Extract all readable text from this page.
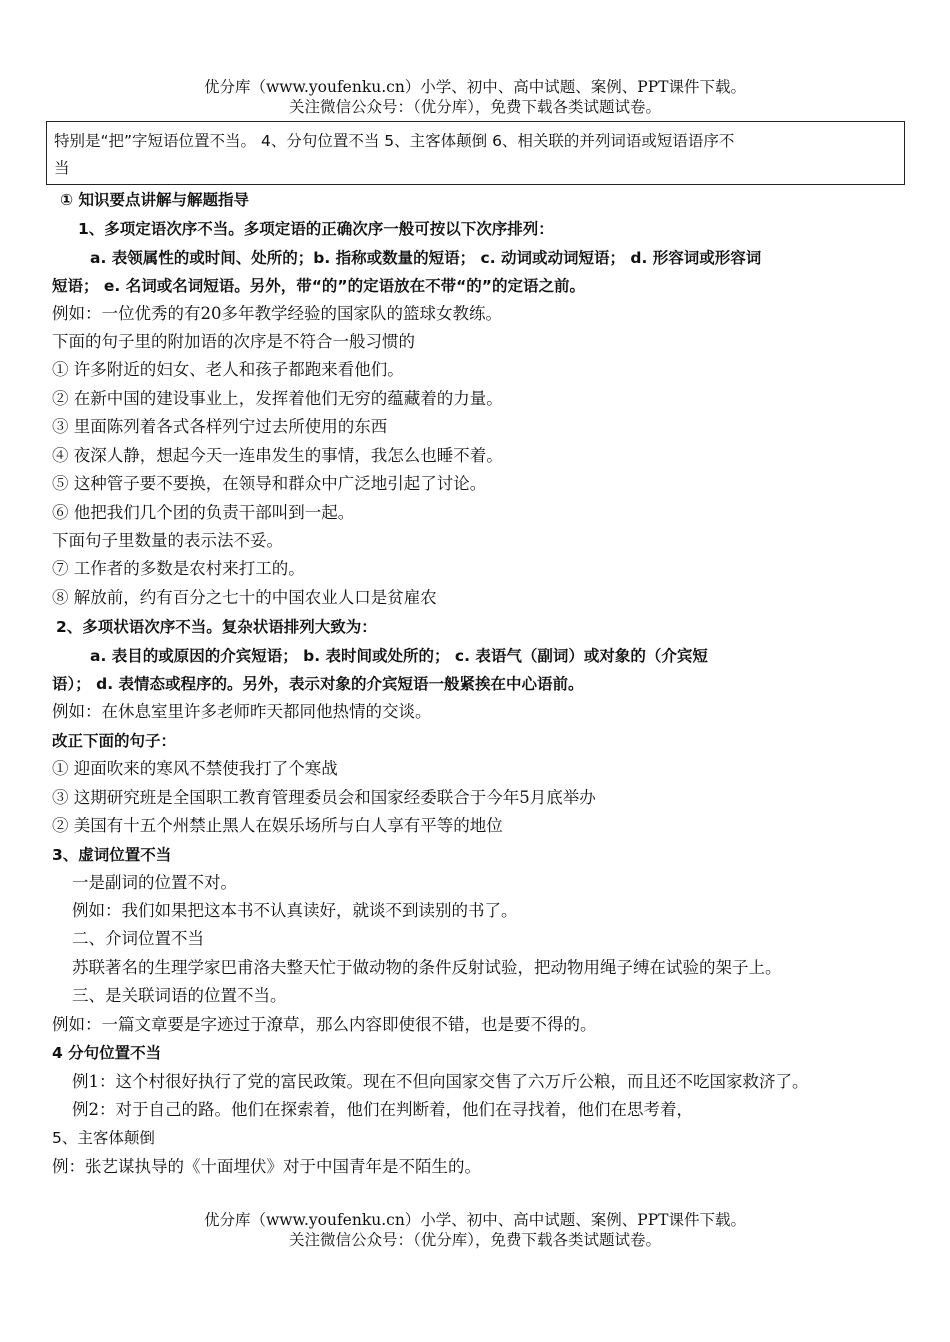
优分库（www.youfenku.cn）小学、初中、高中试题、案例、PPT课件下载。
关注微信公众号：（优分库），免费下载各类试题试卷。
特别是“把”字短语位置不当。 4、分句位置不当 5、主客体颠倒 6、相关联的并列词语或短语语序不
当
① 知识要点讲解与解题指导
1、多项定语次序不当。多项定语的正确次序一般可按以下次序排列：
a. 表领属性的或时间、处所的；b. 指称或数量的短语； c. 动词或动词短语； d. 形容词或形容词
短语； e. 名词或名词短语。另外，带“的”的定语放在不带“的”的定语之前。
例如：一位优秀的有20多年教学经验的国家队的篮球女教练。
下面的句子里的附加语的次序是不符合一般习惯的
① 许多附近的妇女、老人和孩子都跑来看他们。
② 在新中国的建设事业上，发挥着他们无穷的蕴藏着的力量。
③ 里面陈列着各式各样列宁过去所使用的东西
④ 夜深人静，想起今天一连串发生的事情，我怎么也睡不着。
⑤ 这种管子要不要换，在领导和群众中广泛地引起了讨论。
⑥ 他把我们几个团的负责干部叫到一起。
下面句子里数量的表示法不妥。
⑦ 工作者的多数是农村来打工的。
⑧ 解放前，约有百分之七十的中国农业人口是贫雇农
2、多项状语次序不当。复杂状语排列大致为：
a. 表目的或原因的介宾短语； b. 表时间或处所的； c. 表语气（副词）或对象的（介宾短
语）； d. 表情态或程序的。另外，表示对象的介宾短语一般紧挨在中心语前。
例如：在休息室里许多老师昨天都同他热情的交谈。
改正下面的句子：
① 迎面吹来的寒风不禁使我打了个寒战
③ 这期研究班是全国职工教育管理委员会和国家经委联合于今年5月底举办
② 美国有十五个州禁止黑人在娱乐场所与白人享有平等的地位
3、虚词位置不当
一是副词的位置不对。
例如：我们如果把这本书不认真读好，就谈不到读别的书了。
二、介词位置不当
苏联著名的生理学家巴甫洛夫整天忙于做动物的条件反射试验，把动物用绳子缚在试验的架子上。
三、是关联词语的位置不当。
例如：一篇文章要是字迹过于潦草，那么内容即使很不错，也是要不得的。
4 分句位置不当
例1：这个村很好执行了党的富民政策。现在不但向国家交售了六万斤公粮，而且还不吃国家救济了。
例2：对于自己的路。他们在探索着，他们在判断着，他们在寻找着，他们在思考着，
5、主客体颠倒
例：张艺谋执导的《十面埋伏》对于中国青年是不陌生的。
优分库（www.youfenku.cn）小学、初中、高中试题、案例、PPT课件下载。
关注微信公众号：（优分库），免费下载各类试题试卷。
